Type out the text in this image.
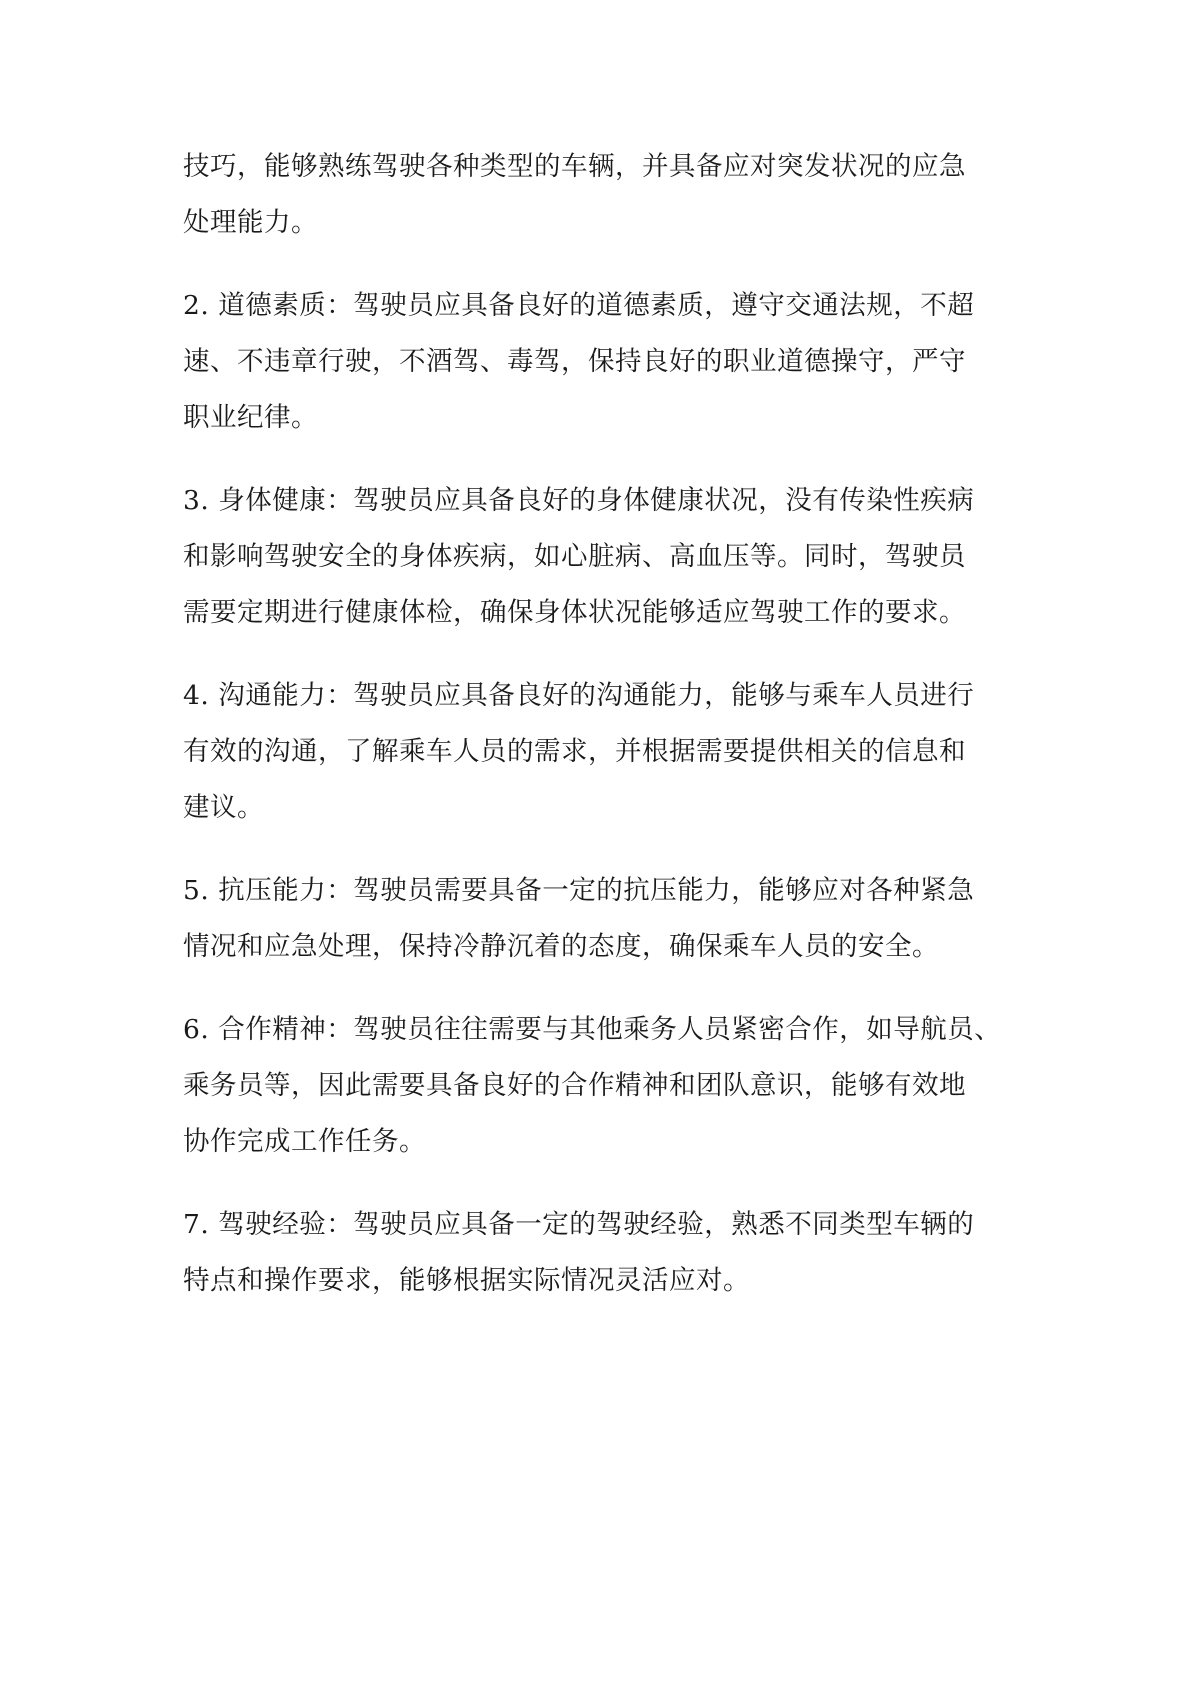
技巧，能够熟练驾驶各种类型的车辆，并具备应对突发状况的应急
处理能力。

2. 道德素质：驾驶员应具备良好的道德素质，遵守交通法规，不超
速、不违章行驶，不酒驾、毒驾，保持良好的职业道德操守，严守
职业纪律。

3. 身体健康：驾驶员应具备良好的身体健康状况，没有传染性疾病
和影响驾驶安全的身体疾病，如心脏病、高血压等。同时，驾驶员
需要定期进行健康体检，确保身体状况能够适应驾驶工作的要求。

4. 沟通能力：驾驶员应具备良好的沟通能力，能够与乘车人员进行
有效的沟通，了解乘车人员的需求，并根据需要提供相关的信息和
建议。

5. 抗压能力：驾驶员需要具备一定的抗压能力，能够应对各种紧急
情况和应急处理，保持冷静沉着的态度，确保乘车人员的安全。

6. 合作精神：驾驶员往往需要与其他乘务人员紧密合作，如导航员、
乘务员等，因此需要具备良好的合作精神和团队意识，能够有效地
协作完成工作任务。

7. 驾驶经验：驾驶员应具备一定的驾驶经验，熟悉不同类型车辆的
特点和操作要求，能够根据实际情况灵活应对。
